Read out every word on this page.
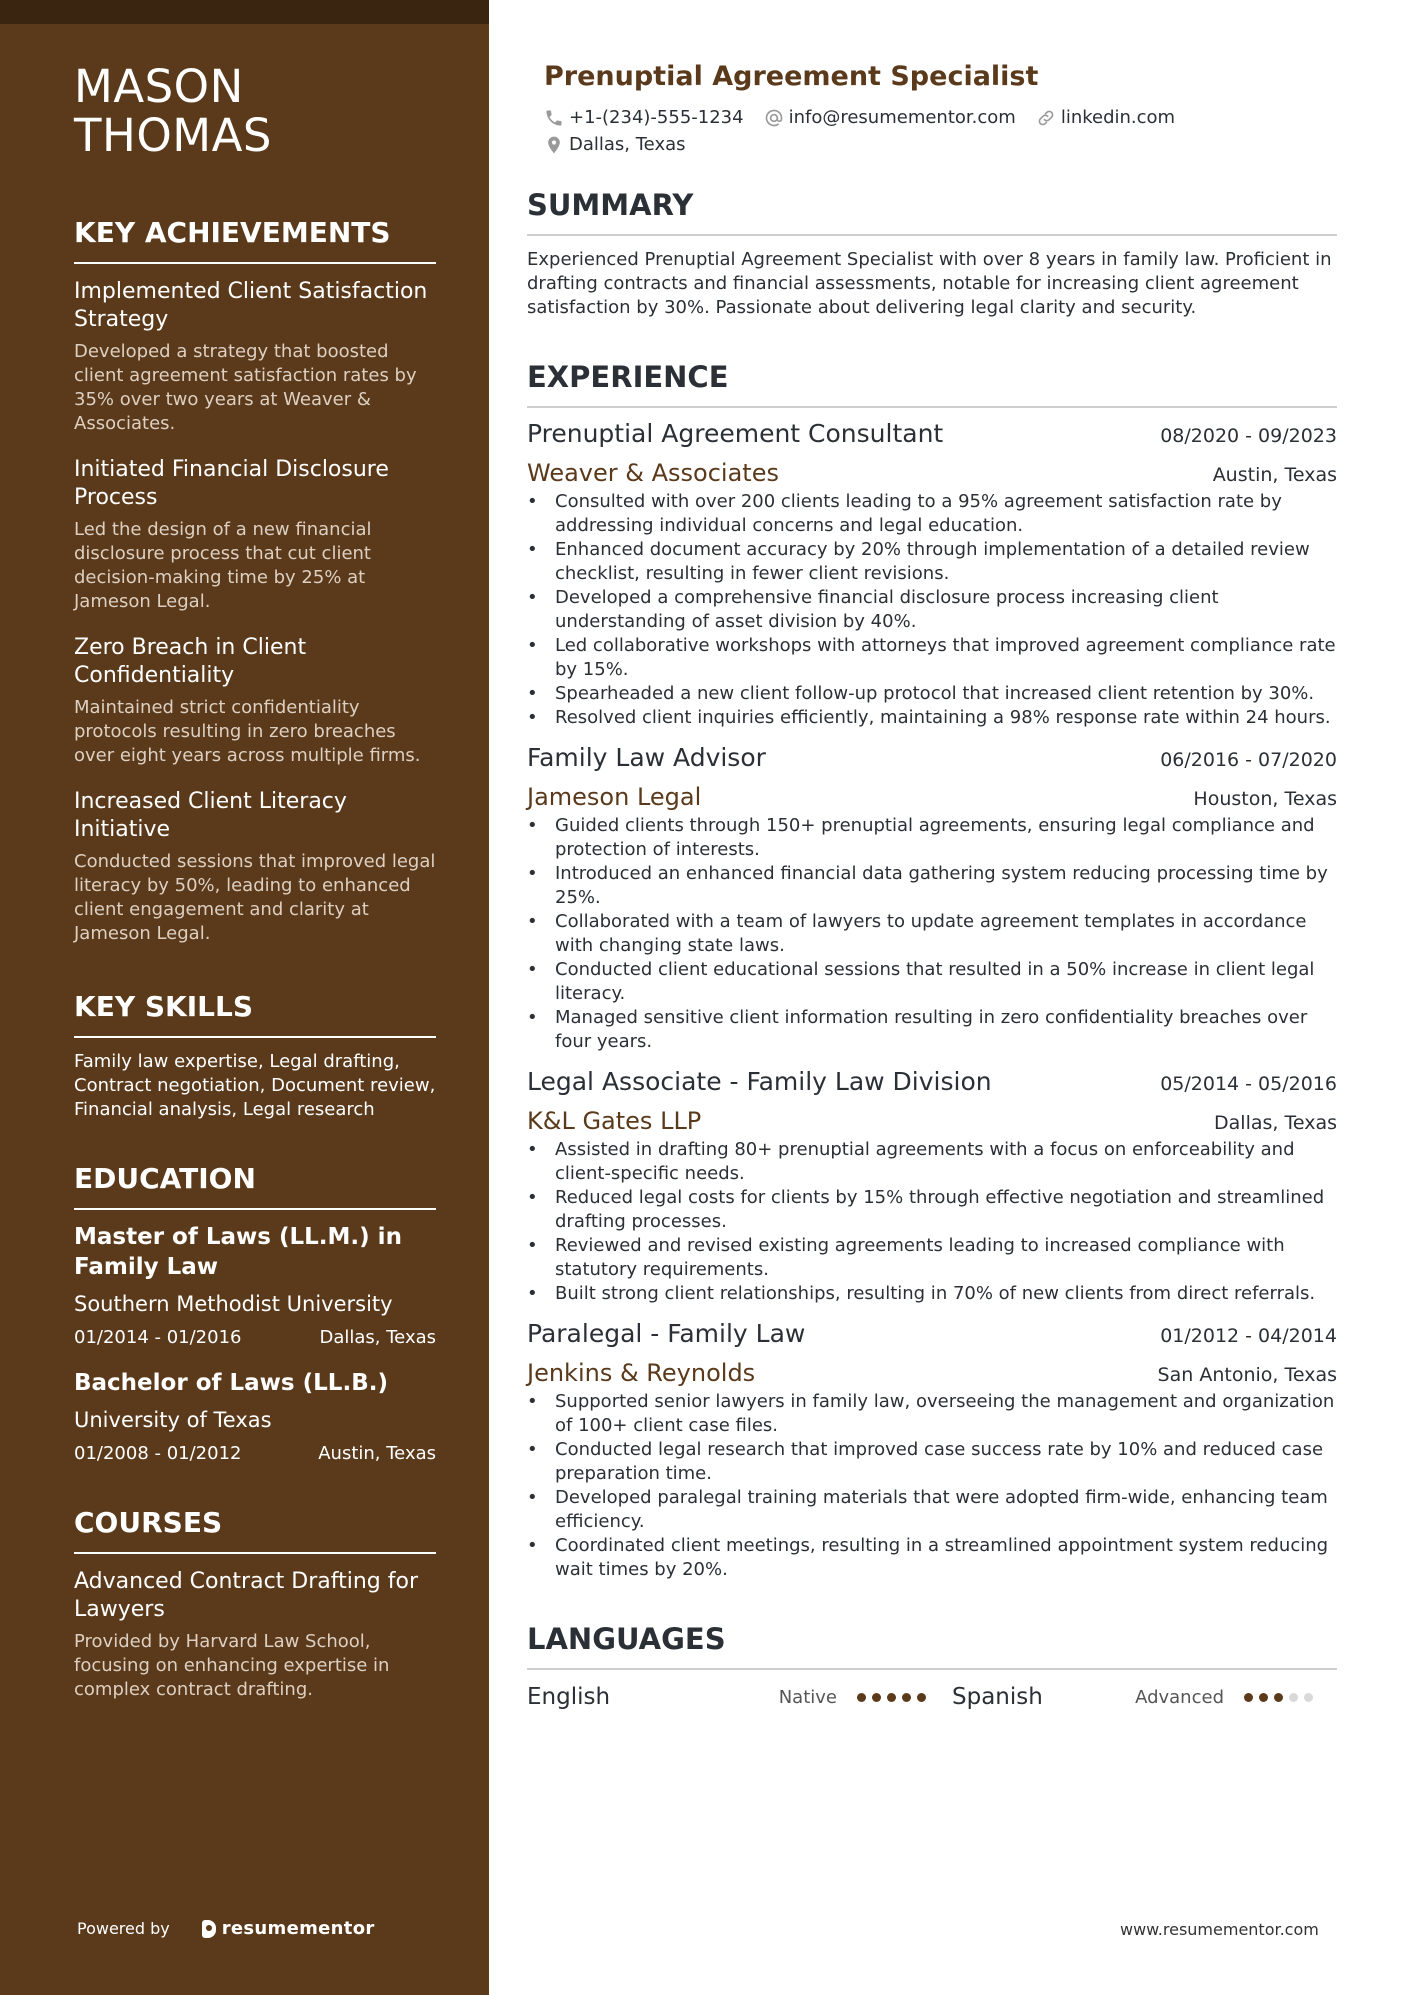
MASON
THOMAS
KEY ACHIEVEMENTS

Implemented Client Satisfaction Strategy

Developed a strategy that boosted client agreement satisfaction rates by 35% over two years at Weaver & Associates.

Initiated Financial Disclosure Process

Led the design of a new financial disclosure process that cut client decision-making time by 25% at Jameson Legal.

Zero Breach in Client Confidentiality

Maintained strict confidentiality protocols resulting in zero breaches over eight years across multiple firms.

Increased Client Literacy Initiative

Conducted sessions that improved legal literacy by 50%, leading to enhanced client engagement and clarity at Jameson Legal.

KEY SKILLS

Family law expertise, Legal drafting, Contract negotiation, Document review, Financial analysis, Legal research

EDUCATION

Master of Laws (LL.M.) in Family Law

Southern Methodist University

01/2014 - 01/2016	Dallas, Texas

Bachelor of Laws (LL.B.)

University of Texas

01/2008 - 01/2012	Austin, Texas
COURSES

Advanced Contract Drafting for Lawyers

Provided by Harvard Law School, focusing on enhancing expertise in complex contract drafting.

Powered by	resumementor
Prenuptial Agreement Specialist
+1-(234)-555-1234	info@resumementor.com	linkedin.com
Dallas, Texas
SUMMARY

Experienced Prenuptial Agreement Specialist with over 8 years in family law. Proficient in drafting contracts and financial assessments, notable for increasing client agreement satisfaction by 30%. Passionate about delivering legal clarity and security.

EXPERIENCE
Prenuptial Agreement Consultant	08/2020 - 09/2023
Weaver & Associates	Austin, Texas
• Consulted with over 200 clients leading to a 95% agreement satisfaction rate by addressing individual concerns and legal education.
• Enhanced document accuracy by 20% through implementation of a detailed review checklist, resulting in fewer client revisions.
• Developed a comprehensive financial disclosure process increasing client understanding of asset division by 40%.
• Led collaborative workshops with attorneys that improved agreement compliance rate by 15%.
• Spearheaded a new client follow-up protocol that increased client retention by 30%.
• Resolved client inquiries efficiently, maintaining a 98% response rate within 24 hours.
Family Law Advisor	06/2016 - 07/2020
Jameson Legal	Houston, Texas
• Guided clients through 150+ prenuptial agreements, ensuring legal compliance and protection of interests.
• Introduced an enhanced financial data gathering system reducing processing time by 25%.
• Collaborated with a team of lawyers to update agreement templates in accordance with changing state laws.
• Conducted client educational sessions that resulted in a 50% increase in client legal literacy.
• Managed sensitive client information resulting in zero confidentiality breaches over four years.
Legal Associate - Family Law Division	05/2014 - 05/2016
K&L Gates LLP	Dallas, Texas
• Assisted in drafting 80+ prenuptial agreements with a focus on enforceability and client-specific needs.
• Reduced legal costs for clients by 15% through effective negotiation and streamlined drafting processes.
• Reviewed and revised existing agreements leading to increased compliance with statutory requirements.
• Built strong client relationships, resulting in 70% of new clients from direct referrals.
Paralegal - Family Law	01/2012 - 04/2014
Jenkins & Reynolds	San Antonio, Texas
• Supported senior lawyers in family law, overseeing the management and organization of 100+ client case files.
• Conducted legal research that improved case success rate by 10% and reduced case preparation time.
• Developed paralegal training materials that were adopted firm-wide, enhancing team efficiency.
• Coordinated client meetings, resulting in a streamlined appointment system reducing wait times by 20%.
LANGUAGES
English	Native	Spanish	Advanced
www.resumementor.com
